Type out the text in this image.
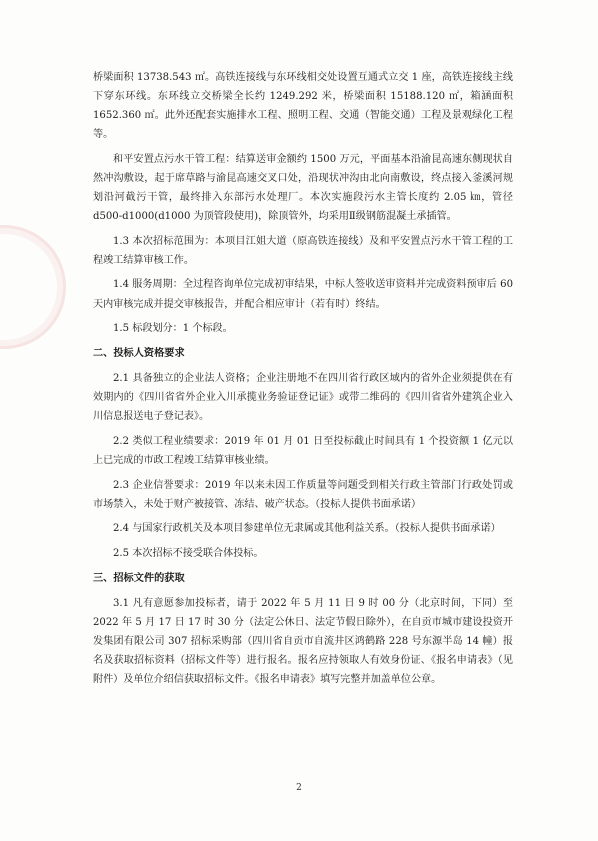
桥梁面积 13738.543 ㎡。高铁连接线与东环线相交处设置互通式立交 1 座，高铁连接线主线下穿东环线。东环线立交桥梁全长约 1249.292 米，桥梁面积 15188.120 ㎡，箱涵面积 1652.360 ㎡。此外还配套实施排水工程、照明工程、交通（智能交通）工程及景观绿化工程等。

和平安置点污水干管工程：结算送审金额约 1500 万元，平面基本沿渝昆高速东侧现状自然冲沟敷设，起于席草路与渝昆高速交叉口处，沿现状冲沟由北向南敷设，终点接入釜溪河规划沿河截污干管，最终排入东部污水处理厂。本次实施段污水主管长度约 2.05 ㎞，管径 d500-d1000(d1000 为顶管段使用)，除顶管外，均采用Ⅱ级钢筋混凝土承插管。

1.3 本次招标范围为：本项目江姐大道（原高铁连接线）及和平安置点污水干管工程的工程竣工结算审核工作。

1.4 服务周期：全过程咨询单位完成初审结果，中标人签收送审资料并完成资料预审后 60 天内审核完成并提交审核报告，并配合相应审计（若有时）终结。

1.5 标段划分：1 个标段。

二、投标人资格要求

2.1 具备独立的企业法人资格；企业注册地不在四川省行政区域内的省外企业须提供在有效期内的《四川省省外企业入川承揽业务验证登记证》或带二维码的《四川省省外建筑企业入川信息报送电子登记表》。

2.2 类似工程业绩要求：2019 年 01 月 01 日至投标截止时间具有 1 个投资额 1 亿元以上已完成的市政工程竣工结算审核业绩。

2.3 企业信誉要求：2019 年以来未因工作质量等问题受到相关行政主管部门行政处罚或市场禁入，未处于财产被接管、冻结、破产状态。（投标人提供书面承诺）

2.4 与国家行政机关及本项目参建单位无隶属或其他利益关系。（投标人提供书面承诺）

2.5 本次招标不接受联合体投标。

三、招标文件的获取

3.1 凡有意愿参加投标者，请于 2022 年 5 月 11 日 9 时 00 分（北京时间，下同）至 2022 年 5 月 17 日 17 时 30 分（法定公休日、法定节假日除外），在自贡市城市建设投资开发集团有限公司 307 招标采购部（四川省自贡市自流井区鸿鹤路 228 号东源半岛 14 幢）报名及获取招标资料（招标文件等）进行报名。报名应持领取人有效身份证、《报名申请表》（见附件）及单位介绍信获取招标文件。《报名申请表》填写完整并加盖单位公章。

2
